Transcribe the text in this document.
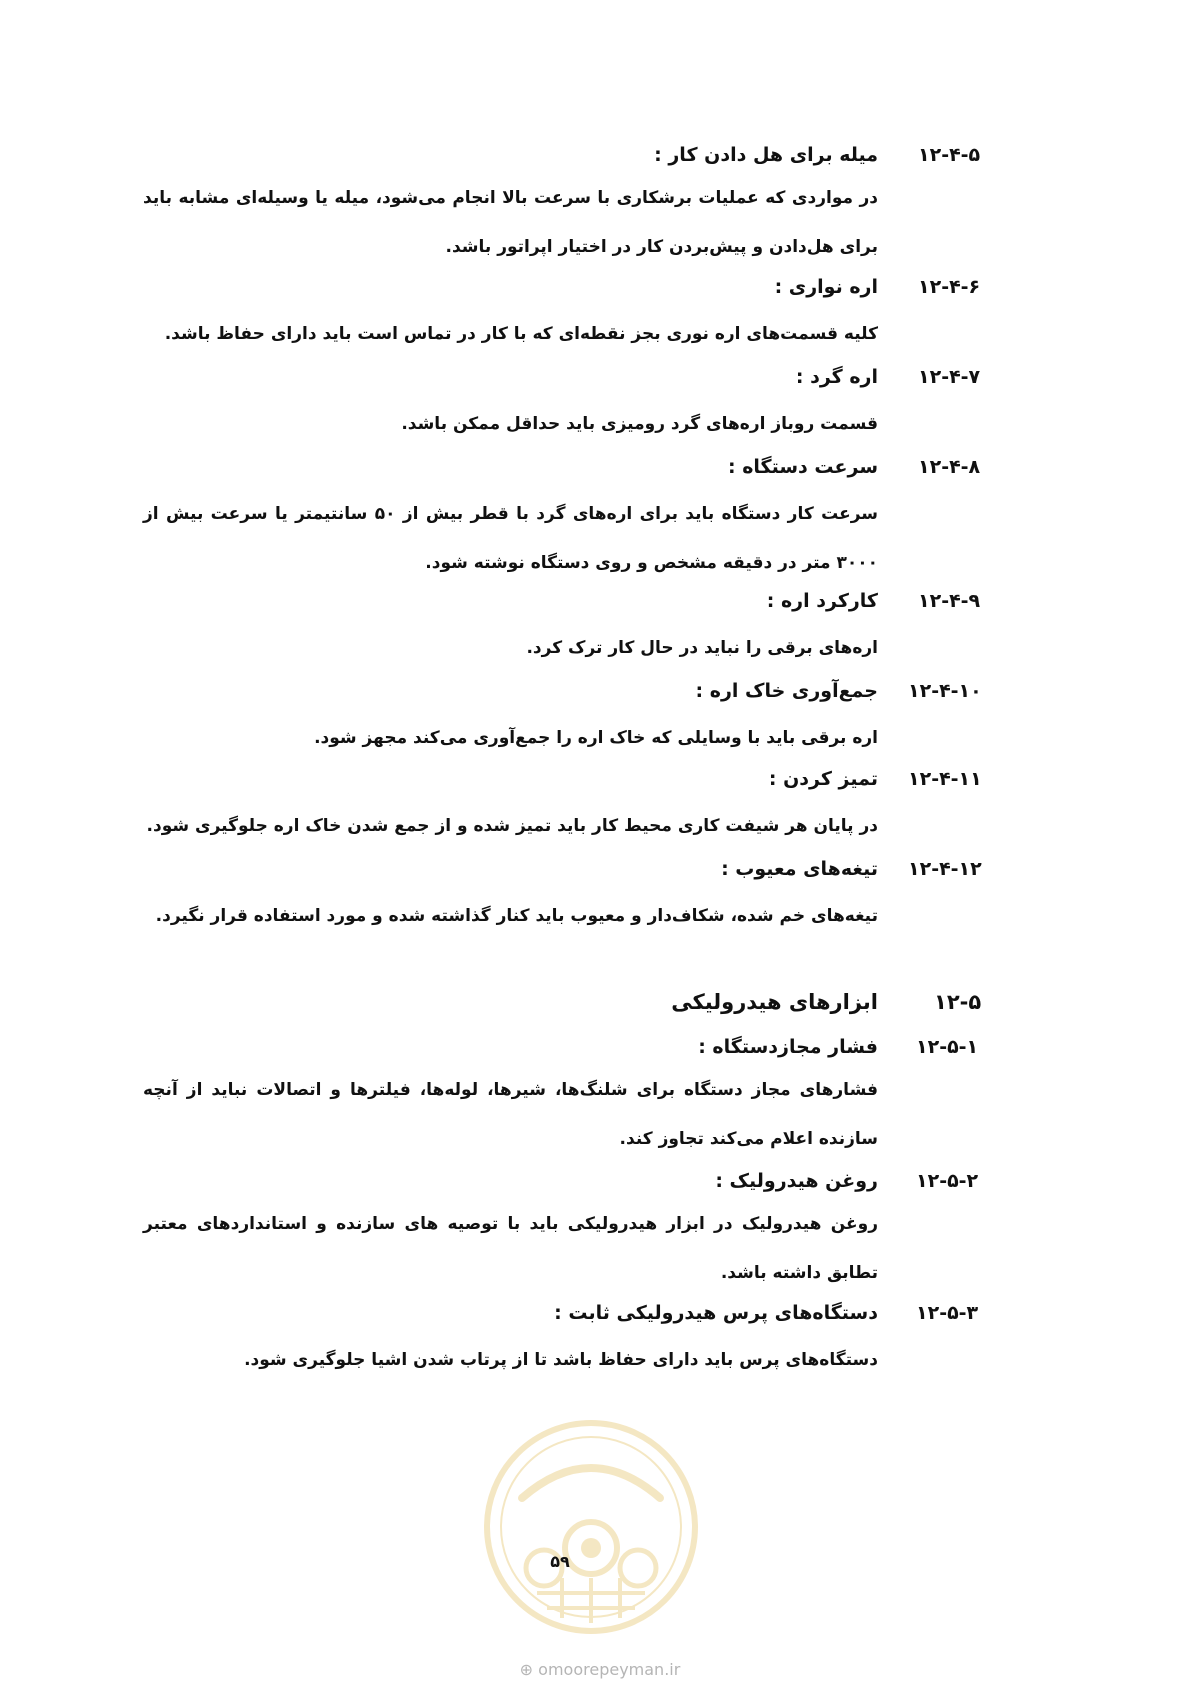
۱۲-۴-۵
میله برای هل دادن کار :
در مواردی که عملیات برشکاری با سرعت بالا انجام می‌شود، میله یا وسیله‌ای مشابه باید برای هل‌دادن و پیش‌بردن کار در اختیار اپراتور باشد.
۱۲-۴-۶
اره نواری :
کلیه قسمت‌های اره نوری بجز نقطه‌ای که با کار در تماس است باید دارای حفاظ باشد.
۱۲-۴-۷
اره گرد :
قسمت روباز اره‌های گرد رومیزی باید حداقل ممکن باشد.
۱۲-۴-۸
سرعت دستگاه :
سرعت کار دستگاه باید برای اره‌های گرد با قطر بیش از ۵۰ سانتیمتر یا سرعت بیش از ۳۰۰۰ متر در دقیقه مشخص و روی دستگاه نوشته شود.
۱۲-۴-۹
کارکرد اره :
اره‌های برقی را نباید در حال کار ترک کرد.
۱۲-۴-۱۰
جمع‌آوری خاک اره :
اره برقی باید با وسایلی که خاک اره را جمع‌آوری می‌کند مجهز شود.
۱۲-۴-۱۱
تمیز کردن :
در پایان هر شیفت کاری محیط کار باید تمیز شده و از جمع شدن خاک اره جلوگیری شود.
۱۲-۴-۱۲
تیغه‌های معیوب :
تیغه‌های خم شده، شکاف‌دار و معیوب باید کنار گذاشته شده و مورد استفاده قرار نگیرد.
۱۲-۵
ابزارهای هیدرولیکی
۱۲-۵-۱
فشار مجازدستگاه :
فشارهای مجاز دستگاه برای شلنگ‌ها، شیرها، لوله‌ها، فیلترها و اتصالات نباید از آنچه سازنده اعلام می‌کند تجاوز کند.
۱۲-۵-۲
روغن هیدرولیک :
روغن هیدرولیک در ابزار هیدرولیکی باید با توصیه های سازنده و استانداردهای معتبر تطابق داشته باشد.
۱۲-۵-۳
دستگاه‌های پرس هیدرولیکی ثابت :
دستگاه‌های پرس باید دارای حفاظ باشد تا از پرتاب شدن اشیا جلوگیری شود.
۵۹
⊕ omoorepeyman.ir
